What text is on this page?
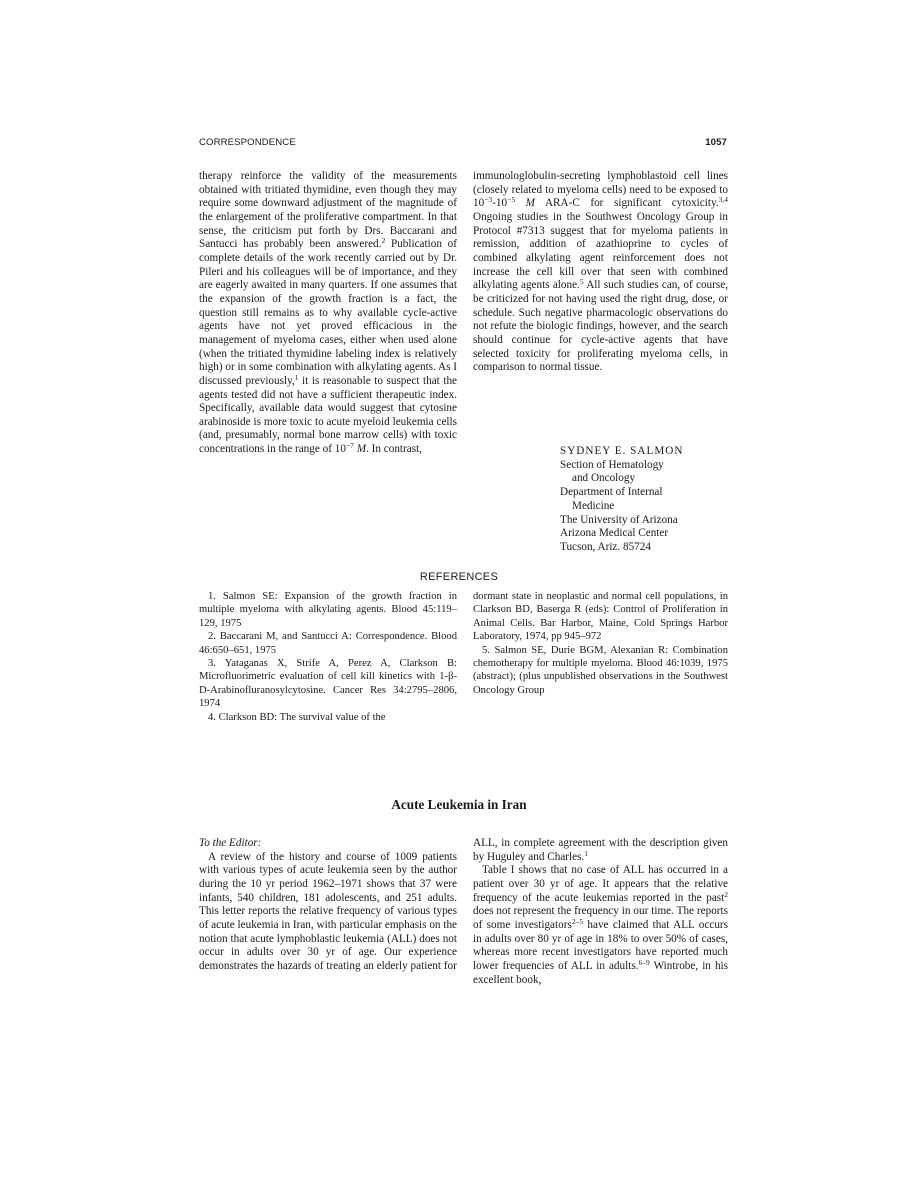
CORRESPONDENCE	1057
therapy reinforce the validity of the measurements obtained with tritiated thymidine, even though they may require some downward adjustment of the magnitude of the enlargement of the proliferative compartment. In that sense, the criticism put forth by Drs. Baccarani and Santucci has probably been answered.$^2$ Publication of complete details of the work recently carried out by Dr. Pileri and his colleagues will be of importance, and they are eagerly awaited in many quarters. If one assumes that the expansion of the growth fraction is a fact, the question still remains as to why available cycle-active agents have not yet proved efficacious in the management of myeloma cases, either when used alone (when the tritiated thymidine labeling index is relatively high) or in some combination with alkylating agents. As I discussed previously,$^1$ it is reasonable to suspect that the agents tested did not have a sufficient therapeutic index. Specifically, available data would suggest that cytosine arabinoside is more toxic to acute myeloid leukemia cells (and, presumably, normal bone marrow cells) with toxic concentrations in the range of $10^{-7}$ M. In contrast,
immunologlobulin-secreting lymphoblastoid cell lines (closely related to myeloma cells) need to be exposed to $10^{-3}-10^{-5}$ M ARA-C for significant cytoxicity.$^{3,4}$ Ongoing studies in the Southwest Oncology Group in Protocol #7313 suggest that for myeloma patients in remission, addition of azathioprine to cycles of combined alkylating agent reinforcement does not increase the cell kill over that seen with combined alkylating agents alone.$^5$ All such studies can, of course, be criticized for not having used the right drug, dose, or schedule. Such negative pharmacologic observations do not refute the biologic findings, however, and the search should continue for cycle-active agents that have selected toxicity for proliferating myeloma cells, in comparison to normal tissue.
SYDNEY E. SALMON
Section of Hematology
and Oncology
Department of Internal
Medicine
The University of Arizona
Arizona Medical Center
Tucson, Ariz. 85724
REFERENCES

1. Salmon SE: Expansion of the growth fraction in multiple myeloma with alkylating agents. Blood 45:119–129, 1975

2. Baccarani M, and Santucci A: Correspondence. Blood 46:650–651, 1975

3. Yataganas X, Strife A, Perez A, Clarkson B: Microfluorimetric evaluation of cell kill kinetics with 1-β-D-Arabinofluranosylcytosine. Cancer Res 34:2795–2806, 1974

4. Clarkson BD: The survival value of the

dormant state in neoplastic and normal cell populations, in Clarkson BD, Baserga R (eds): Control of Proliferation in Animal Cells. Bar Harbor, Maine, Cold Springs Harbor Laboratory, 1974, pp 945–972

5. Salmon SE, Durie BGM, Alexanian R: Combination chemotherapy for multiple myeloma. Blood 46:1039, 1975 (abstract); (plus unpublished observations in the Southwest Oncology Group

Acute Leukemia in Iran

To the Editor:

A review of the history and course of 1009 patients with various types of acute leukemia seen by the author during the 10 yr period 1962–1971 shows that 37 were infants, 540 children, 181 adolescents, and 251 adults. This letter reports the relative frequency of various types of acute leukemia in Iran, with particular emphasis on the notion that acute lymphoblastic leukemia (ALL) does not occur in adults over 30 yr of age. Our experience demonstrates the hazards of treating an elderly patient for

ALL, in complete agreement with the description given by Huguley and Charles.$^1$

Table I shows that no case of ALL has occurred in a patient over 30 yr of age. It appears that the relative frequency of the acute leukemias reported in the past$^2$ does not represent the frequency in our time. The reports of some investigators$^{2-5}$ have claimed that ALL occurs in adults over 80 yr of age in 18% to over 50% of cases, whereas more recent investigators have reported much lower frequencies of ALL in adults.$^{6-9}$ Wintrobe, in his excellent book,
